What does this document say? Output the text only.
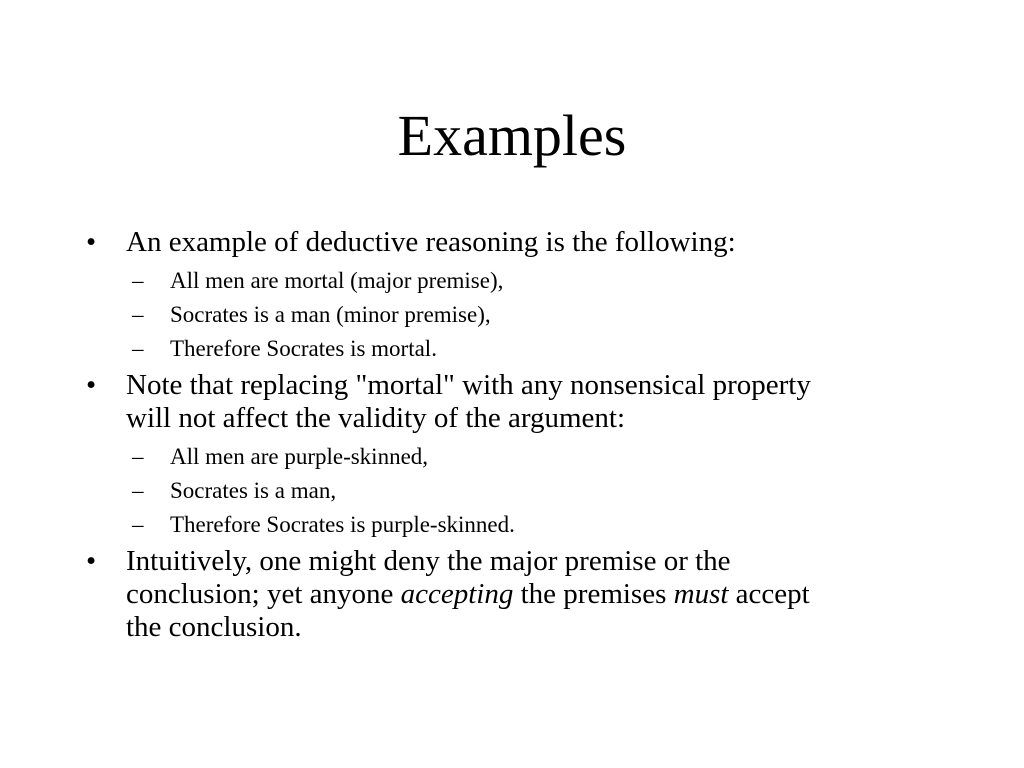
Examples
• An example of deductive reasoning is the following:
– All men are mortal (major premise),
– Socrates is a man (minor premise),
– Therefore Socrates is mortal.
• Note that replacing "mortal" with any nonsensical property
will not affect the validity of the argument:
– All men are purple-skinned,
– Socrates is a man,
– Therefore Socrates is purple-skinned.
• Intuitively, one might deny the major premise or the
conclusion; yet anyone accepting the premises must accept
the conclusion.
